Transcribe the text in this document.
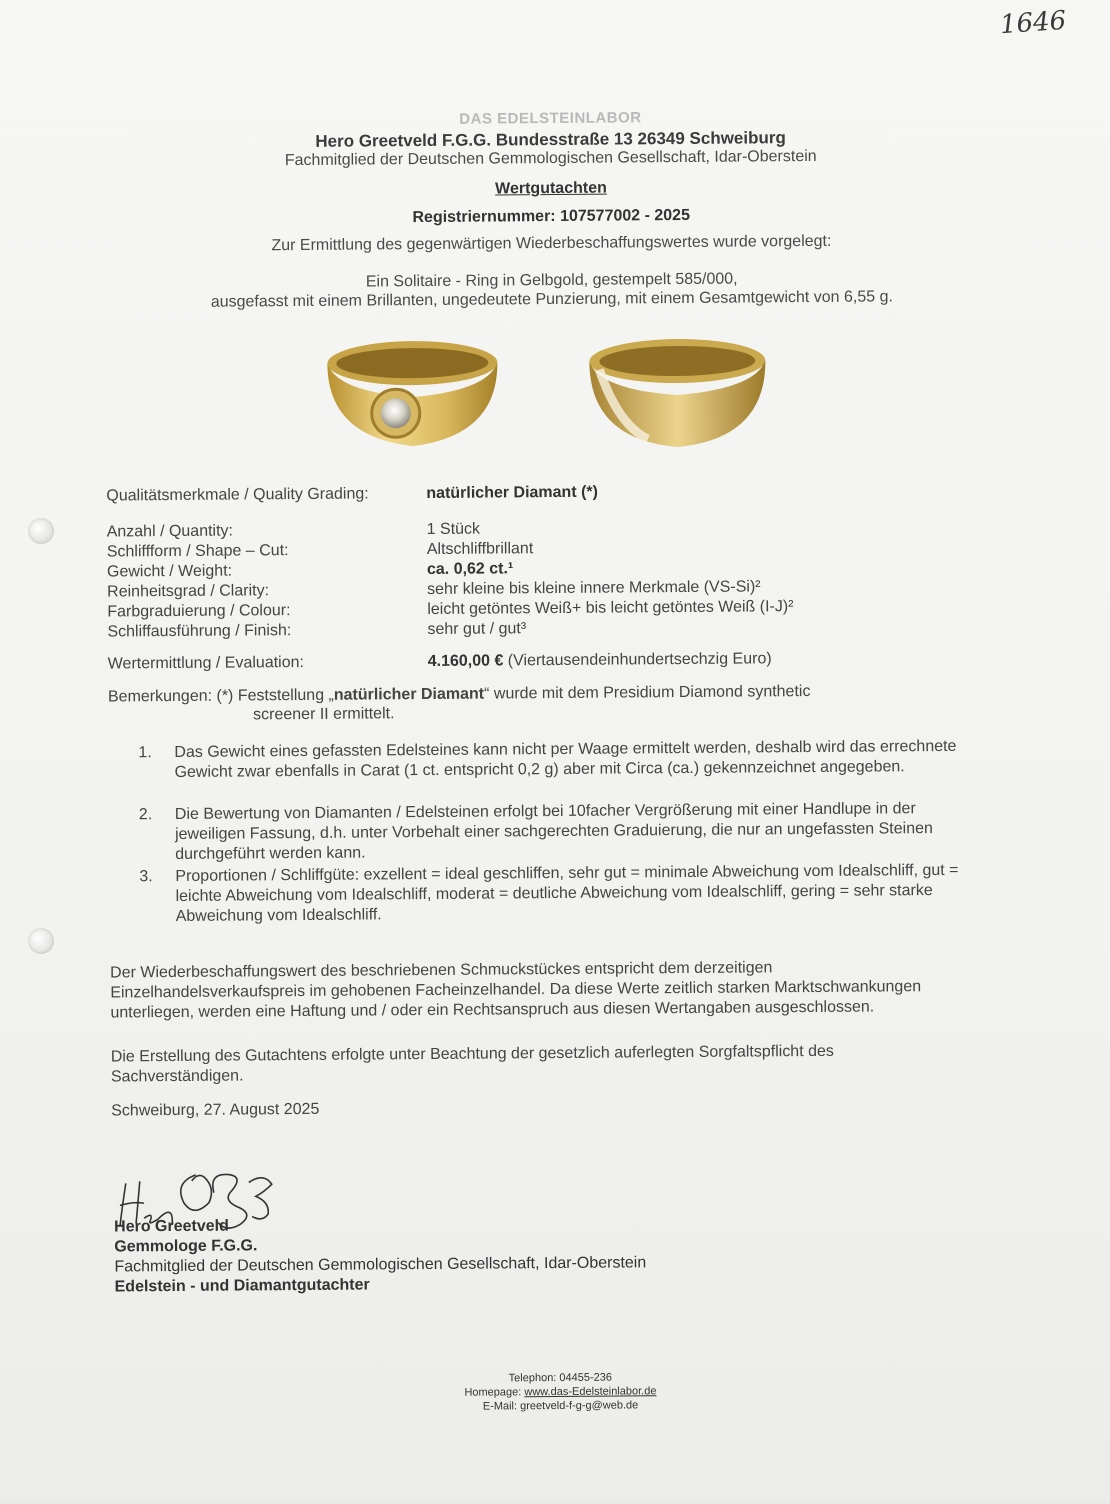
1646
DAS EDELSTEINLABOR
Hero Greetveld F.G.G. Bundesstraße 13 26349 Schweiburg
Fachmitglied der Deutschen Gemmologischen Gesellschaft, Idar-Oberstein
Wertgutachten
Registriernummer: 107577002 - 2025
Zur Ermittlung des gegenwärtigen Wiederbeschaffungswertes wurde vorgelegt:
Ein Solitaire - Ring in Gelbgold, gestempelt 585/000,
ausgefasst mit einem Brillanten, ungedeutete Punzierung, mit einem Gesamtgewicht von 6,55 g.
Qualitätsmerkmale / Quality Grading:	natürlicher Diamant (*)
Anzahl / Quantity:	1 Stück
Schliffform / Shape – Cut:	Altschliffbrillant
Gewicht / Weight:	ca. 0,62 ct.¹
Reinheitsgrad / Clarity:	sehr kleine bis kleine innere Merkmale (VS-Si)²
Farbgraduierung / Colour:	leicht getöntes Weiß+ bis leicht getöntes Weiß (I-J)²
Schliffausführung / Finish:	sehr gut / gut³
Wertermittlung / Evaluation:	4.160,00 € (Viertausendeinhundertsechzig Euro)
Bemerkungen: (*) Feststellung „natürlicher Diamant“ wurde mit dem Presidium Diamond synthetic
screener II ermittelt.
1. Das Gewicht eines gefassten Edelsteines kann nicht per Waage ermittelt werden, deshalb wird das errechnete Gewicht zwar ebenfalls in Carat (1 ct. entspricht 0,2 g) aber mit Circa (ca.) gekennzeichnet angegeben.
2. Die Bewertung von Diamanten / Edelsteinen erfolgt bei 10facher Vergrößerung mit einer Handlupe in der jeweiligen Fassung, d.h. unter Vorbehalt einer sachgerechten Graduierung, die nur an ungefassten Steinen durchgeführt werden kann.
3. Proportionen / Schliffgüte: exzellent = ideal geschliffen, sehr gut = minimale Abweichung vom Idealschliff, gut = leichte Abweichung vom Idealschliff, moderat = deutliche Abweichung vom Idealschliff, gering = sehr starke Abweichung vom Idealschliff.
Der Wiederbeschaffungswert des beschriebenen Schmuckstückes entspricht dem derzeitigen Einzelhandelsverkaufspreis im gehobenen Facheinzelhandel. Da diese Werte zeitlich starken Marktschwankungen unterliegen, werden eine Haftung und / oder ein Rechtsanspruch aus diesen Wertangaben ausgeschlossen.
Die Erstellung des Gutachtens erfolgte unter Beachtung der gesetzlich auferlegten Sorgfaltspflicht des Sachverständigen.
Schweiburg, 27. August 2025
Hero Greetveld
Gemmologe F.G.G.
Fachmitglied der Deutschen Gemmologischen Gesellschaft, Idar-Oberstein
Edelstein - und Diamantgutachter
Telephon: 04455-236
Homepage: www.das-Edelsteinlabor.de
E-Mail: greetveld-f-g-g@web.de
